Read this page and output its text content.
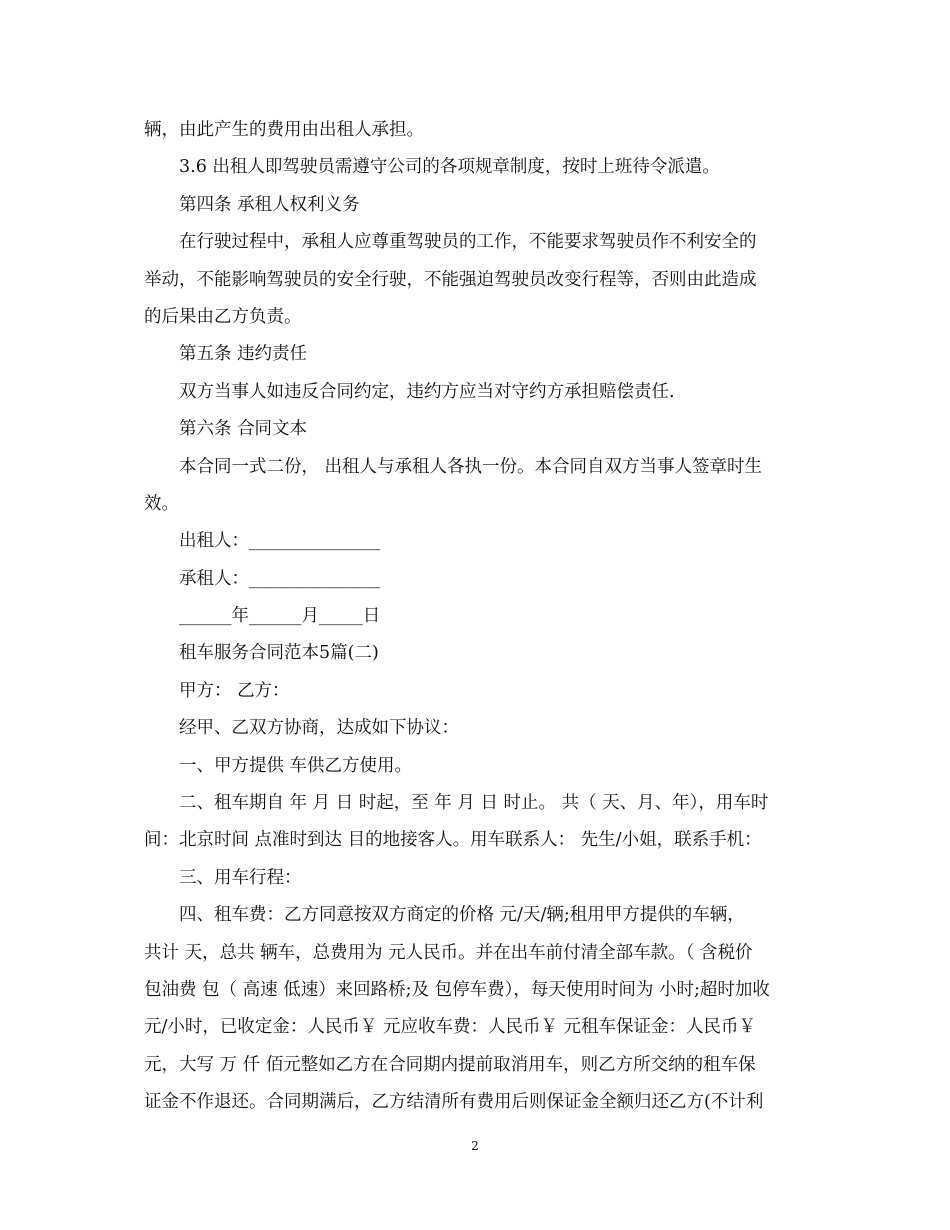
辆，由此产生的费用由出租人承担。
3.6 出租人即驾驶员需遵守公司的各项规章制度，按时上班待令派遣。
第四条 承租人权利义务
在行驶过程中，承租人应尊重驾驶员的工作，不能要求驾驶员作不利安全的
举动，不能影响驾驶员的安全行驶，不能强迫驾驶员改变行程等，否则由此造成
的后果由乙方负责。
第五条 违约责任
双方当事人如违反合同约定，违约方应当对守约方承担赔偿责任.
第六条 合同文本
本合同一式二份， 出租人与承租人各执一份。本合同自双方当事人签章时生
效。
出租人：_______________
承租人：_______________
______年______月_____日
租车服务合同范本5篇(二)
甲方： 乙方：
经甲、乙双方协商，达成如下协议：
一、甲方提供 车供乙方使用。
二、租车期自 年 月 日 时起，至 年 月 日 时止。 共（ 天、月、年），用车时
间：北京时间 点准时到达 目的地接客人。用车联系人： 先生/小姐，联系手机：
三、用车行程：
四、租车费：乙方同意按双方商定的价格 元/天/辆;租用甲方提供的车辆，
共计 天，总共 辆车，总费用为 元人民币。并在出车前付清全部车款。（ 含税价
包油费 包（ 高速 低速）来回路桥;及 包停车费），每天使用时间为 小时;超时加收
元/小时，已收定金：人民币￥ 元应收车费：人民币￥ 元租车保证金：人民币￥
元，大写 万 仟 佰元整如乙方在合同期内提前取消用车，则乙方所交纳的租车保
证金不作退还。合同期满后，乙方结清所有费用后则保证金全额归还乙方(不计利
2
